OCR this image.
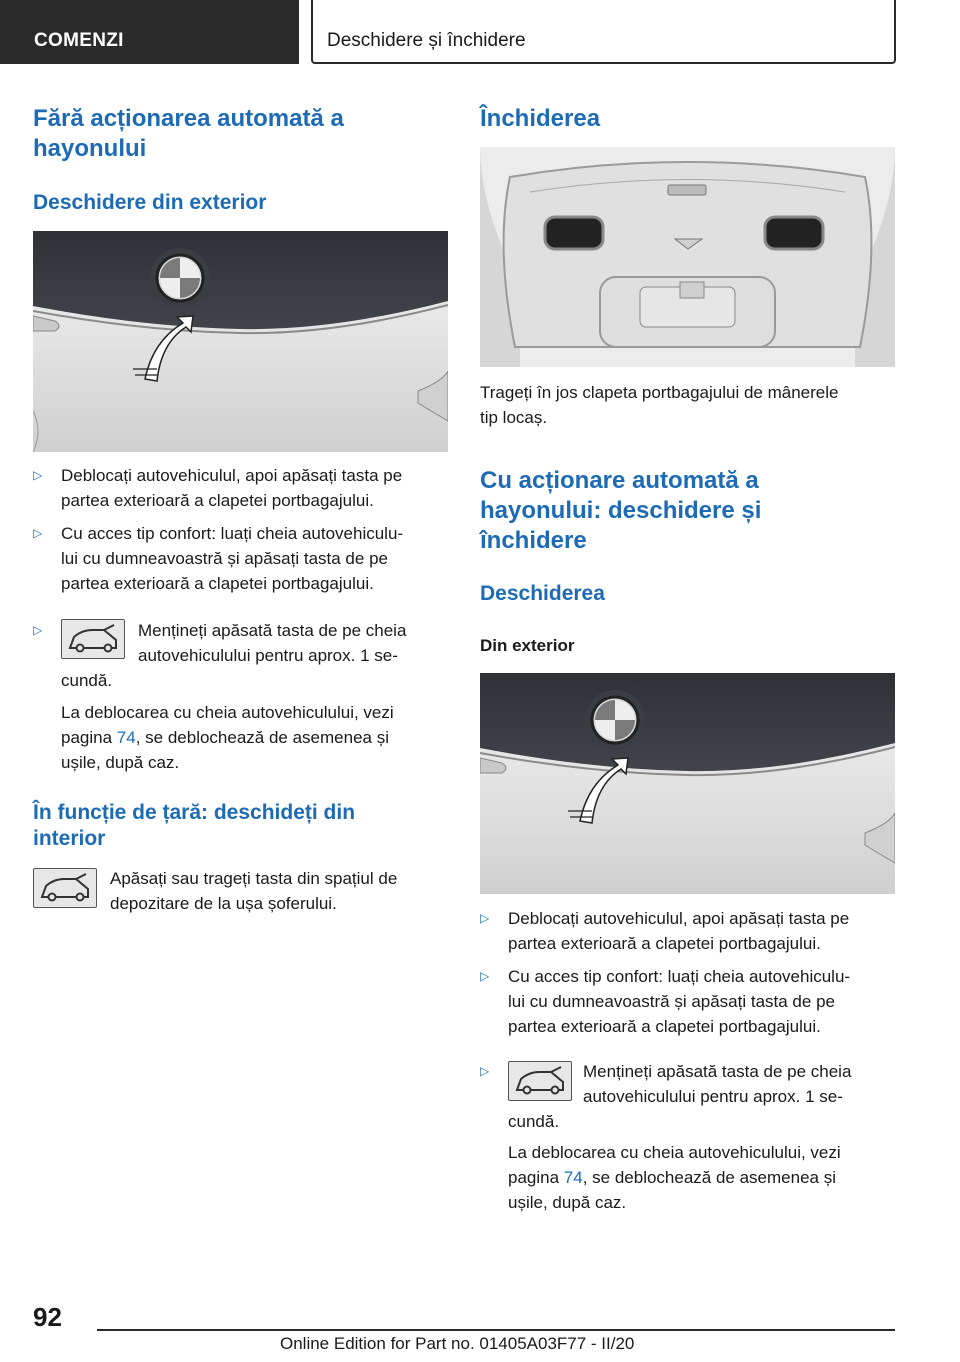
COMENZI	Deschidere și închidere
Fără acționarea automată a
hayonului
Deschidere din exterior
▷	Deblocați autovehiculul, apoi apăsați tasta pe
partea exterioară a clapetei portbagajului.
▷	Cu acces tip confort: luați cheia autovehiculu-
lui cu dumneavoastră și apăsați tasta de pe
partea exterioară a clapetei portbagajului.
▷	Mențineți apăsată tasta de pe cheia
autovehiculului pentru aprox. 1 se-
cundă.
La deblocarea cu cheia autovehiculului, vezi
pagina 74, se deblochează de asemenea și
ușile, după caz.
În funcție de țară: deschideți din
interior
Apăsați sau trageți tasta din spațiul de
depozitare de la ușa șoferului.
Închiderea
Trageți în jos clapeta portbagajului de mânerele
tip locaș.
Cu acționare automată a
hayonului: deschidere și
închidere
Deschiderea
Din exterior
▷	Deblocați autovehiculul, apoi apăsați tasta pe
partea exterioară a clapetei portbagajului.
▷	Cu acces tip confort: luați cheia autovehiculu-
lui cu dumneavoastră și apăsați tasta de pe
partea exterioară a clapetei portbagajului.
▷	Mențineți apăsată tasta de pe cheia
autovehiculului pentru aprox. 1 se-
cundă.
La deblocarea cu cheia autovehiculului, vezi
pagina 74, se deblochează de asemenea și
ușile, după caz.
92
Online Edition for Part no. 01405A03F77 - II/20
